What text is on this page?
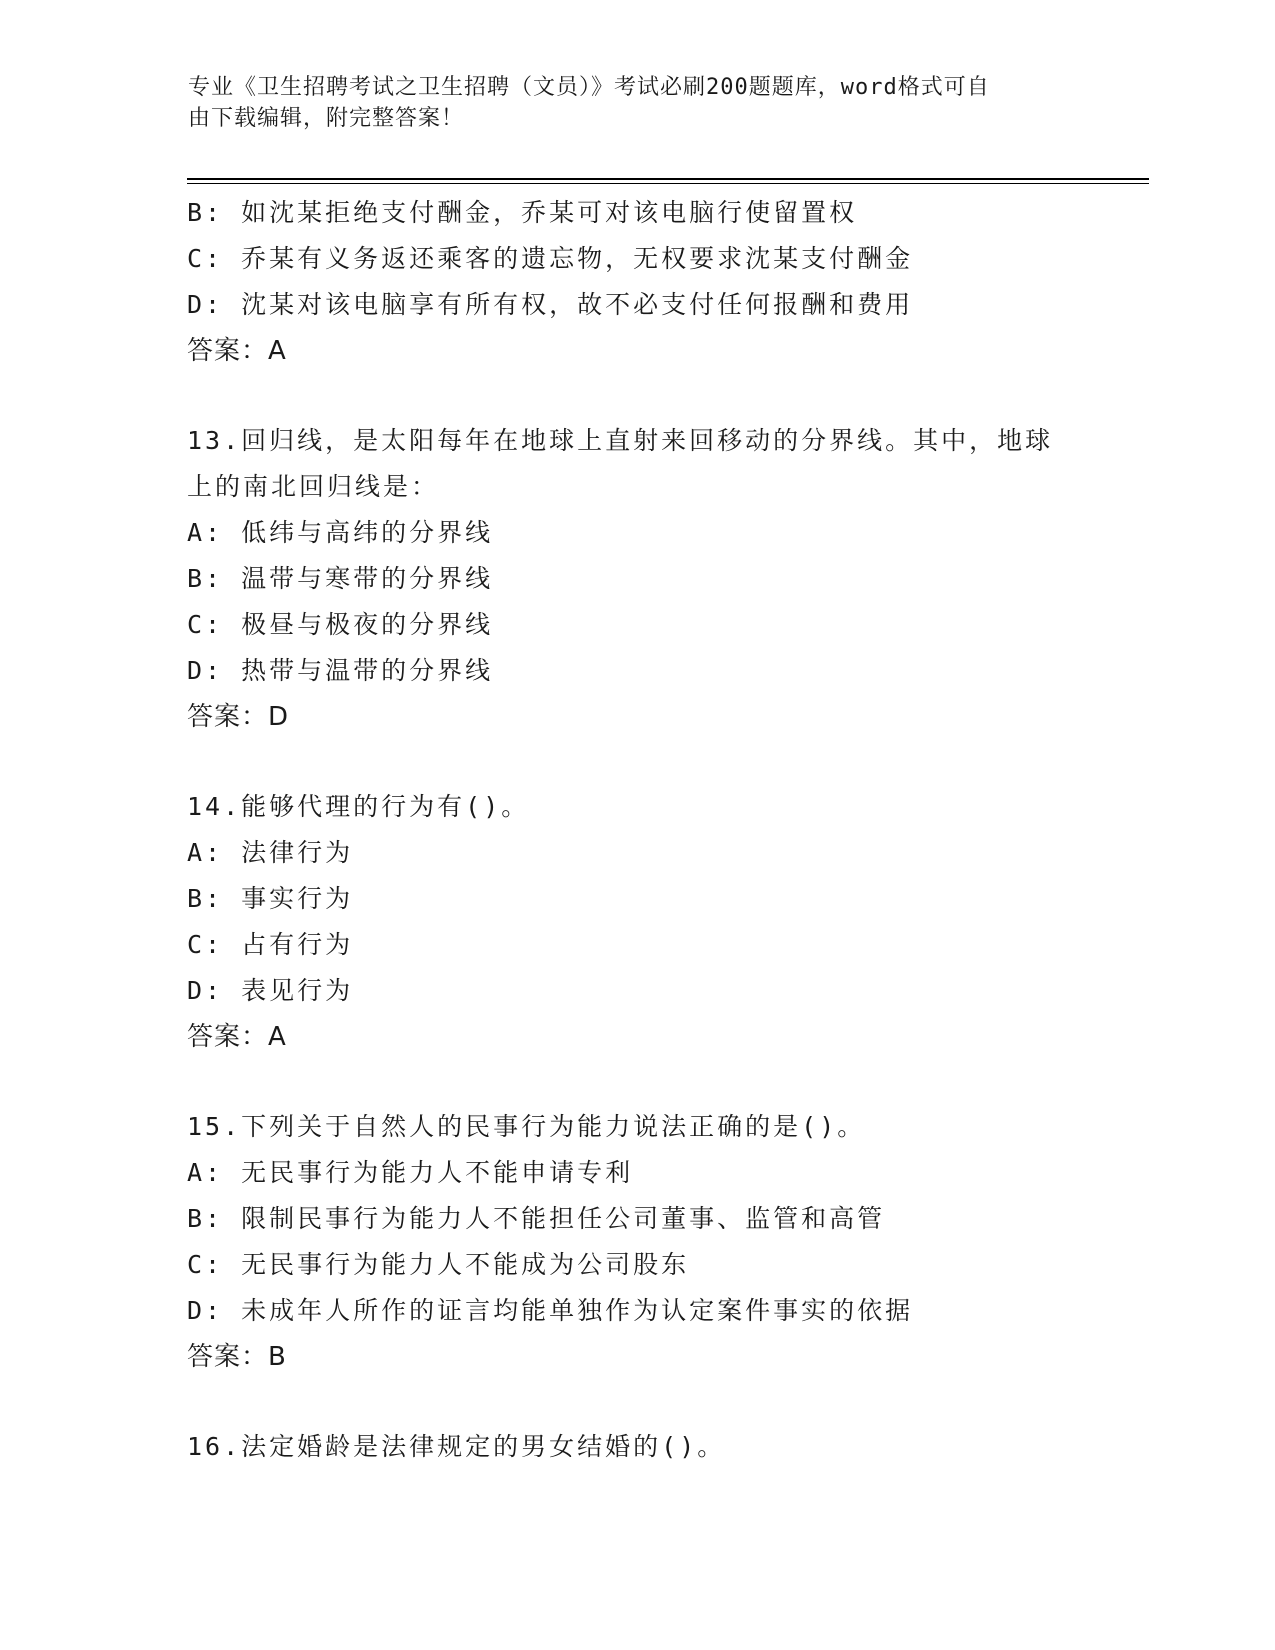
专业《卫生招聘考试之卫生招聘（文员）》考试必刷200题题库，word格式可自
由下载编辑，附完整答案！
B: 如沈某拒绝支付酬金，乔某可对该电脑行使留置权
C: 乔某有义务返还乘客的遗忘物，无权要求沈某支付酬金
D: 沈某对该电脑享有所有权，故不必支付任何报酬和费用
答案：A
13.回归线，是太阳每年在地球上直射来回移动的分界线。其中，地球
上的南北回归线是：
A: 低纬与高纬的分界线
B: 温带与寒带的分界线
C: 极昼与极夜的分界线
D: 热带与温带的分界线
答案：D
14.能够代理的行为有()。
A: 法律行为
B: 事实行为
C: 占有行为
D: 表见行为
答案：A
15.下列关于自然人的民事行为能力说法正确的是()。
A: 无民事行为能力人不能申请专利
B: 限制民事行为能力人不能担任公司董事、监管和高管
C: 无民事行为能力人不能成为公司股东
D: 未成年人所作的证言均能单独作为认定案件事实的依据
答案：B
16.法定婚龄是法律规定的男女结婚的()。
